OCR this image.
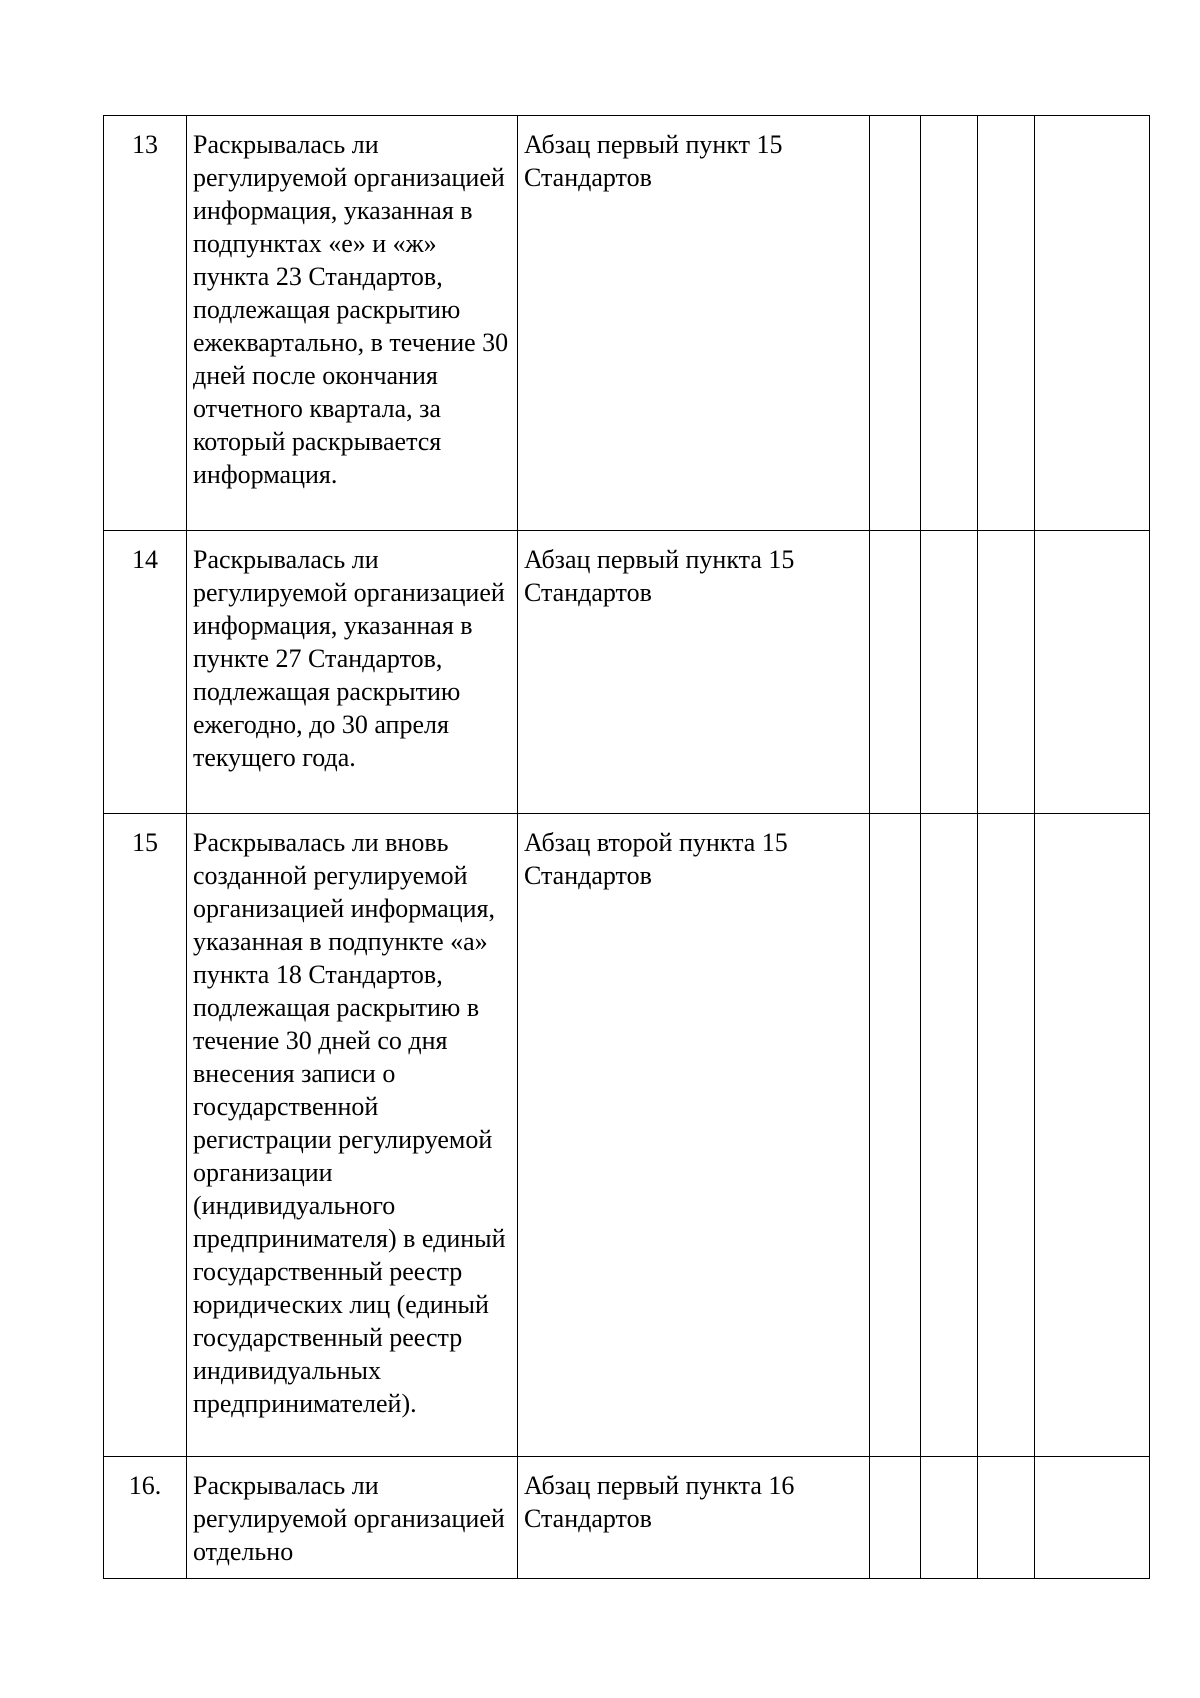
13	Раскрывалась ли регулируемой организацией информация, указанная в подпунктах «е» и «ж» пункта 23 Стандартов, подлежащая раскрытию ежеквартально, в течение 30 дней после окончания отчетного квартала, за который раскрывается информация.	Абзац первый пункт 15 Стандартов				
14	Раскрывалась ли регулируемой организацией информация, указанная в пункте 27 Стандартов, подлежащая раскрытию ежегодно, до 30 апреля текущего года.	Абзац первый пункта 15 Стандартов				
15	Раскрывалась ли вновь созданной регулируемой организацией информация, указанная в подпункте «а» пункта 18 Стандартов, подлежащая раскрытию в течение 30 дней со дня внесения записи о государственной регистрации регулируемой организации (индивидуального предпринимателя) в единый государственный реестр юридических лиц (единый государственный реестр индивидуальных предпринимателей).	Абзац второй пункта 15 Стандартов				
16.	Раскрывалась ли регулируемой организацией отдельно	Абзац первый пункта 16 Стандартов				
